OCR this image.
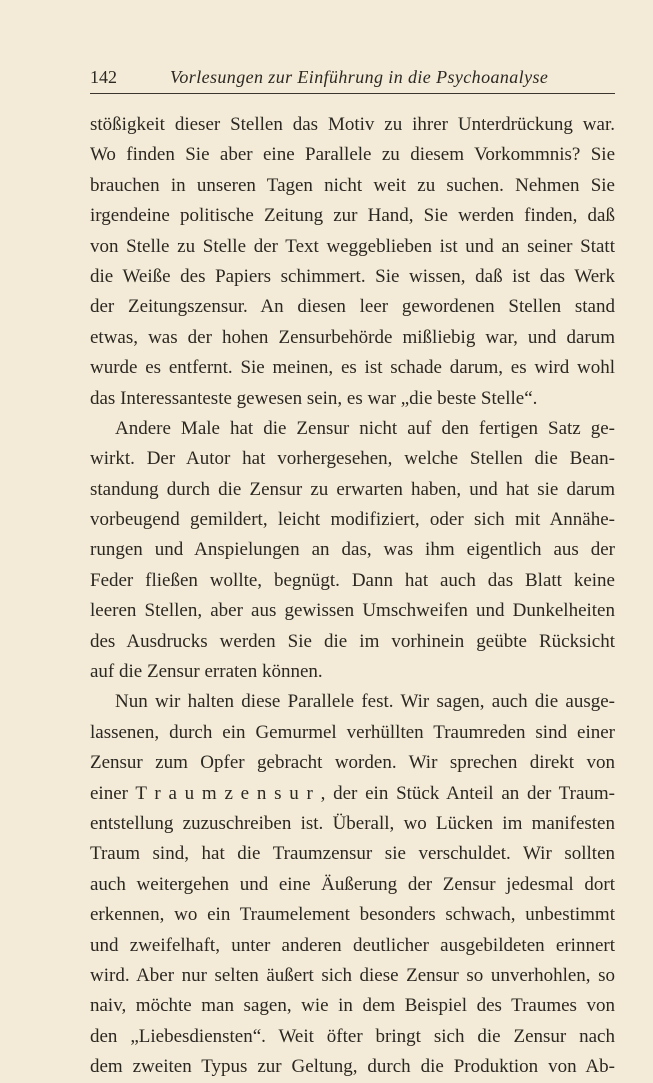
142	Vorlesungen zur Einführung in die Psychoanalyse
stößigkeit dieser Stellen das Motiv zu ihrer Unterdrückung war.
Wo finden Sie aber eine Parallele zu diesem Vorkommnis? Sie
brauchen in unseren Tagen nicht weit zu suchen. Nehmen Sie
irgendeine politische Zeitung zur Hand, Sie werden finden, daß
von Stelle zu Stelle der Text weggeblieben ist und an seiner Statt
die Weiße des Papiers schimmert. Sie wissen, daß ist das Werk
der Zeitungszensur. An diesen leer gewordenen Stellen stand
etwas, was der hohen Zensurbehörde mißliebig war, und darum
wurde es entfernt. Sie meinen, es ist schade darum, es wird wohl
das Interessanteste gewesen sein, es war „die beste Stelle“.
Andere Male hat die Zensur nicht auf den fertigen Satz ge-
wirkt. Der Autor hat vorhergesehen, welche Stellen die Bean-
standung durch die Zensur zu erwarten haben, und hat sie darum
vorbeugend gemildert, leicht modifiziert, oder sich mit Annähe-
rungen und Anspielungen an das, was ihm eigentlich aus der
Feder fließen wollte, begnügt. Dann hat auch das Blatt keine
leeren Stellen, aber aus gewissen Umschweifen und Dunkelheiten
des Ausdrucks werden Sie die im vorhinein geübte Rücksicht
auf die Zensur erraten können.
Nun wir halten diese Parallele fest. Wir sagen, auch die ausge-
lassenen, durch ein Gemurmel verhüllten Traumreden sind einer
Zensur zum Opfer gebracht worden. Wir sprechen direkt von
einer T r a u m z e n s u r , der ein Stück Anteil an der Traum-
entstellung zuzuschreiben ist. Überall, wo Lücken im manifesten
Traum sind, hat die Traumzensur sie verschuldet. Wir sollten
auch weitergehen und eine Äußerung der Zensur jedesmal dort
erkennen, wo ein Traumelement besonders schwach, unbestimmt
und zweifelhaft, unter anderen deutlicher ausgebildeten erinnert
wird. Aber nur selten äußert sich diese Zensur so unverhohlen, so
naiv, möchte man sagen, wie in dem Beispiel des Traumes von
den „Liebesdiensten“. Weit öfter bringt sich die Zensur nach
dem zweiten Typus zur Geltung, durch die Produktion von Ab-
